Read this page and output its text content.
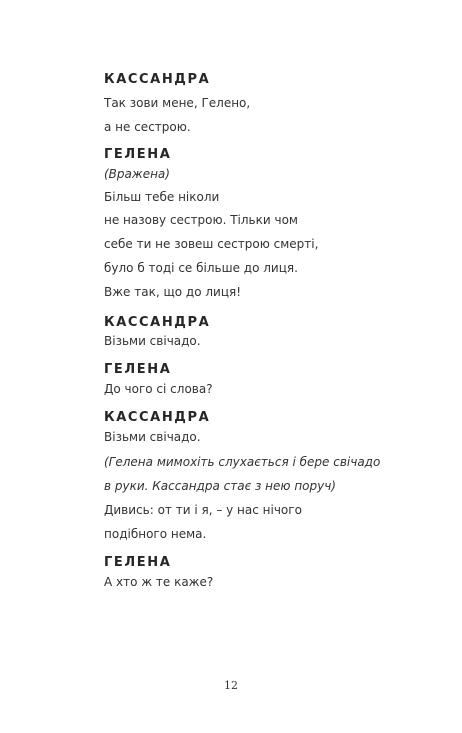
КАССАНДРА
Так зови мене, Гелено,
а не сестрою.
ГЕЛЕНА
(Вражена)
Більш тебе ніколи
не назову сестрою. Тільки чом
себе ти не зовеш сестрою смерті,
було б тоді се більше до лиця.
Вже так, що до лиця!
КАССАНДРА
Візьми свічадо.
ГЕЛЕНА
До чого сі слова?
КАССАНДРА
Візьми свічадо.
(Гелена мимохіть слухається і бере свічадо
в руки. Кассандра стає з нею поруч)
Дивись: от ти і я, – у нас нічого
подібного нема.
ГЕЛЕНА
А хто ж те каже?
12
